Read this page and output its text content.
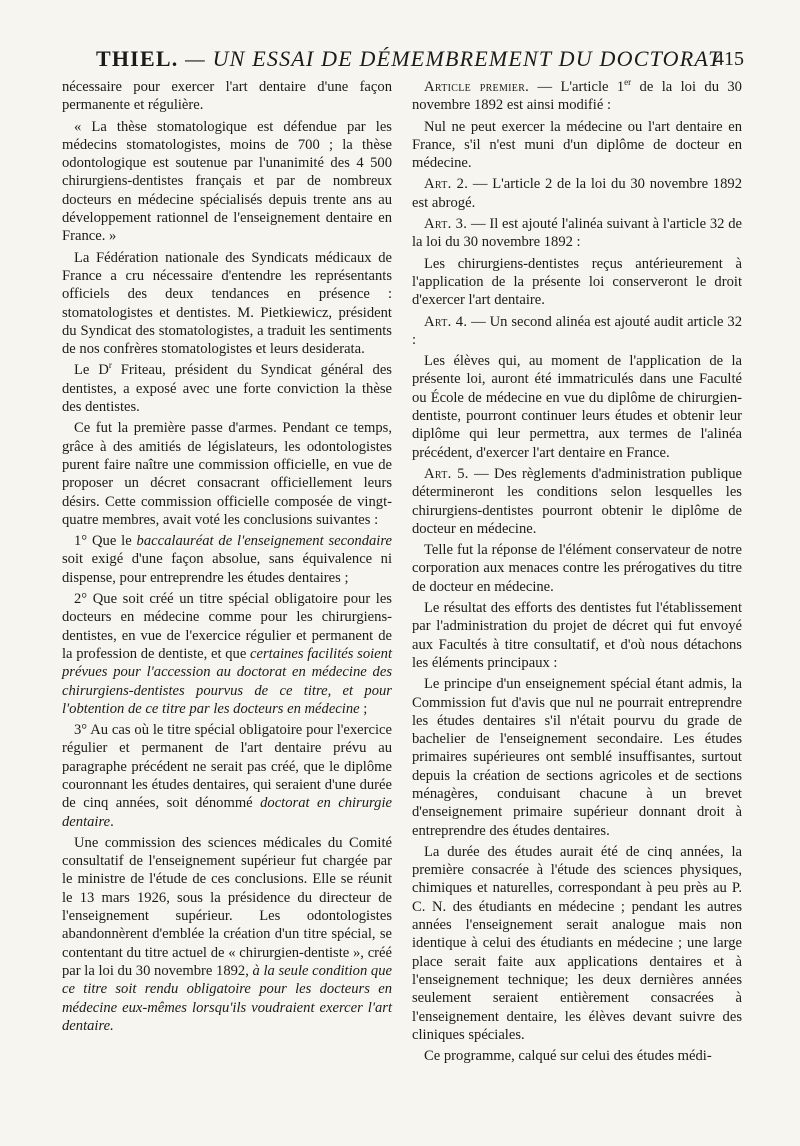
THIEL. — UN ESSAI DE DÉMEMBREMENT DU DOCTORAT
415

nécessaire pour exercer l'art dentaire d'une façon permanente et régulière.

« La thèse stomatologique est défendue par les médecins stomatologistes, moins de 700 ; la thèse odontologique est soutenue par l'unanimité des 4 500 chirurgiens-dentistes français et par de nombreux docteurs en médecine spécialisés depuis trente ans au développement rationnel de l'enseignement dentaire en France. »

La Fédération nationale des Syndicats médicaux de France a cru nécessaire d'entendre les représentants officiels des deux tendances en présence : stomatologistes et dentistes. M. Pietkiewicz, président du Syndicat des stomatologistes, a traduit les sentiments de nos confrères stomatologistes et leurs desiderata.

Le $D^r$ Friteau, président du Syndicat général des dentistes, a exposé avec une forte conviction la thèse des dentistes.

Ce fut la première passe d'armes. Pendant ce temps, grâce à des amitiés de législateurs, les odontologistes purent faire naître une commission officielle, en vue de proposer un décret consacrant officiellement leurs désirs. Cette commission officielle composée de vingt-quatre membres, avait voté les conclusions suivantes :

1° Que le baccalauréat de l'enseignement secondaire soit exigé d'une façon absolue, sans équivalence ni dispense, pour entreprendre les études dentaires ;

2° Que soit créé un titre spécial obligatoire pour les docteurs en médecine comme pour les chirurgiens-dentistes, en vue de l'exercice régulier et permanent de la profession de dentiste, et que certaines facilités soient prévues pour l'accession au doctorat en médecine des chirurgiens-dentistes pourvus de ce titre, et pour l'obtention de ce titre par les docteurs en médecine ;

3° Au cas où le titre spécial obligatoire pour l'exercice régulier et permanent de l'art dentaire prévu au paragraphe précédent ne serait pas créé, que le diplôme couronnant les études dentaires, qui seraient d'une durée de cinq années, soit dénommé doctorat en chirurgie dentaire.

Une commission des sciences médicales du Comité consultatif de l'enseignement supérieur fut chargée par le ministre de l'étude de ces conclusions. Elle se réunit le 13 mars 1926, sous la présidence du directeur de l'enseignement supérieur. Les odontologistes abandonnèrent d'emblée la création d'un titre spécial, se contentant du titre actuel de « chirurgien-dentiste », créé par la loi du 30 novembre 1892, à la seule condition que ce titre soit rendu obligatoire pour les docteurs en médecine eux-mêmes lorsqu'ils voudraient exercer l'art dentaire.

Article premier. — L'article 1er de la loi du 30 novembre 1892 est ainsi modifié :

Nul ne peut exercer la médecine ou l'art dentaire en France, s'il n'est muni d'un diplôme de docteur en médecine.

Art. 2. — L'article 2 de la loi du 30 novembre 1892 est abrogé.

Art. 3. — Il est ajouté l'alinéa suivant à l'article 32 de la loi du 30 novembre 1892 :

Les chirurgiens-dentistes reçus antérieurement à l'application de la présente loi conserveront le droit d'exercer l'art dentaire.

Art. 4. — Un second alinéa est ajouté audit article 32 :

Les élèves qui, au moment de l'application de la présente loi, auront été immatriculés dans une Faculté ou École de médecine en vue du diplôme de chirurgien-dentiste, pourront continuer leurs études et obtenir leur diplôme qui leur permettra, aux termes de l'alinéa précédent, d'exercer l'art dentaire en France.

Art. 5. — Des règlements d'administration publique détermineront les conditions selon lesquelles les chirurgiens-dentistes pourront obtenir le diplôme de docteur en médecine.

Telle fut la réponse de l'élément conservateur de notre corporation aux menaces contre les prérogatives du titre de docteur en médecine.

Le résultat des efforts des dentistes fut l'établissement par l'administration du projet de décret qui fut envoyé aux Facultés à titre consultatif, et d'où nous détachons les éléments principaux :

Le principe d'un enseignement spécial étant admis, la Commission fut d'avis que nul ne pourrait entreprendre les études dentaires s'il n'était pourvu du grade de bachelier de l'enseignement secondaire. Les études primaires supérieures ont semblé insuffisantes, surtout depuis la création de sections agricoles et de sections ménagères, conduisant chacune à un brevet d'enseignement primaire supérieur donnant droit à entreprendre des études dentaires.

La durée des études aurait été de cinq années, la première consacrée à l'étude des sciences physiques, chimiques et naturelles, correspondant à peu près au P. C. N. des étudiants en médecine ; pendant les autres années l'enseignement serait analogue mais non identique à celui des étudiants en médecine ; une large place serait faite aux applications dentaires et à l'enseignement technique; les deux dernières années seulement seraient entièrement consacrées à l'enseignement dentaire, les élèves devant suivre des cliniques spéciales.

Ce programme, calqué sur celui des études médi-
